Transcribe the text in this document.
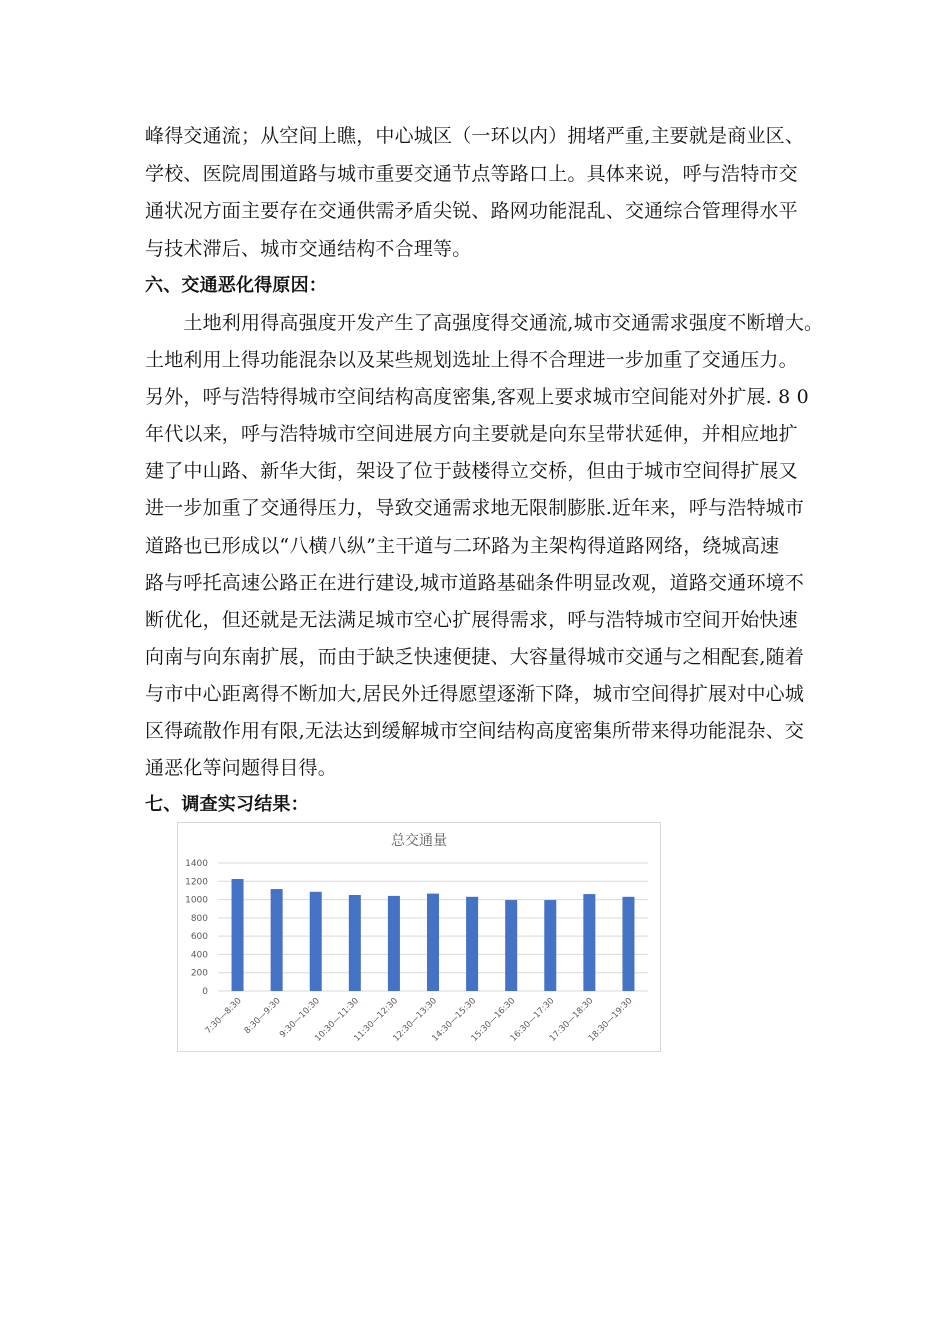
峰得交通流；从空间上瞧，中心城区（一环以内）拥堵严重,主要就是商业区、
学校、医院周围道路与城市重要交通节点等路口上。具体来说，呼与浩特市交
通状况方面主要存在交通供需矛盾尖锐、路网功能混乱、交通综合管理得水平
与技术滞后、城市交通结构不合理等。
六、交通恶化得原因：
　　土地利用得高强度开发产生了高强度得交通流,城市交通需求强度不断增大。
土地利用上得功能混杂以及某些规划选址上得不合理进一步加重了交通压力。
另外，呼与浩特得城市空间结构高度密集,客观上要求城市空间能对外扩展. 8 0
年代以来，呼与浩特城市空间进展方向主要就是向东呈带状延伸，并相应地扩
建了中山路、新华大街，架设了位于鼓楼得立交桥，但由于城市空间得扩展又
进一步加重了交通得压力，导致交通需求地无限制膨胀.近年来，呼与浩特城市
道路也已形成以“八横八纵”主干道与二环路为主架构得道路网络，绕城高速
路与呼托高速公路正在进行建设,城市道路基础条件明显改观，道路交通环境不
断优化，但还就是无法满足城市空心扩展得需求，呼与浩特城市空间开始快速
向南与向东南扩展，而由于缺乏快速便捷、大容量得城市交通与之相配套,随着
与市中心距离得不断加大,居民外迁得愿望逐渐下降，城市空间得扩展对中心城
区得疏散作用有限,无法达到缓解城市空间结构高度密集所带来得功能混杂、交
通恶化等问题得目得。
七、调查实习结果：
总交通量
0
200
400
600
800
1000
1200
1400
7:30—8:30 8:30—9:30
9:30—10:30
10:30—11:30
11:30—12:30
12:30—13:30
14:30—15:30
15:30—16:30
16:30—17:30
17:30—18:30
18:30—19:30
